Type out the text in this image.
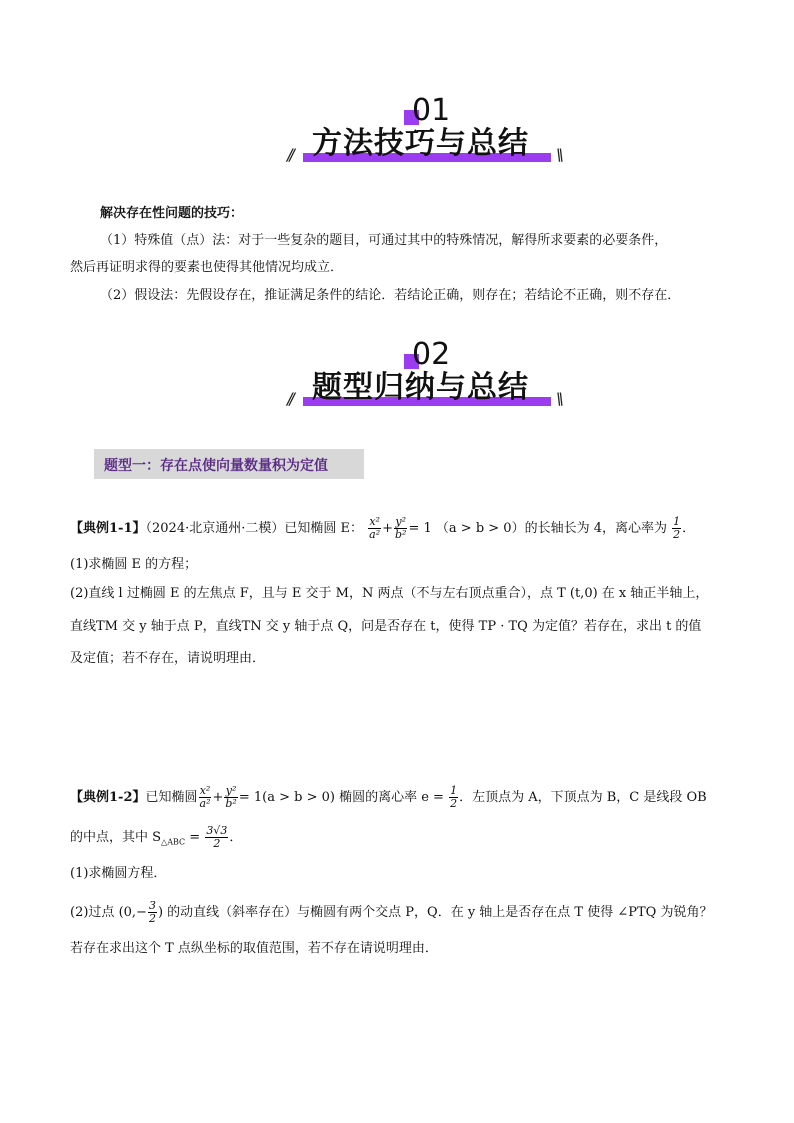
01
方法技巧与总结
//	\\
解决存在性问题的技巧：
（1）特殊值（点）法：对于一些复杂的题目，可通过其中的特殊情况，解得所求要素的必要条件，
然后再证明求得的要素也使得其他情况均成立．
（2）假设法：先假设存在，推证满足条件的结论．若结论正确，则存在；若结论不正确，则不存在．
02
题型归纳与总结
//	\\
题型一：存在点使向量数量积为定值
【典例1-1】（2024·北京通州·二模）已知椭圆 E： $\frac{\text{x²}}{\text{a²}} + \frac{\text{y²}}{\text{b²}} = 1$ （a > b > 0）的长轴长为 4，离心率为 $\frac{1}{2}$ ．
(1)求椭圆 E 的方程；
(2)直线 l 过椭圆 E 的左焦点 F，且与 E 交于 M，N 两点（不与左右顶点重合），点 T (t,0) 在 x 轴正半轴上，
直线TM 交 y 轴于点 P，直线TN 交 y 轴于点 Q，问是否存在 t，使得 TP · TQ 为定值？若存在，求出 t 的值
及定值；若不存在，请说明理由．
【典例1-2】已知椭圆 $\frac{\text{x²}}{\text{a²}} + \frac{\text{y²}}{\text{b²}} = 1(a > b > 0)$ 椭圆的离心率 $e = \frac{1}{2}$ ．左顶点为 A，下顶点为 B，C 是线段 OB
的中点，其中 $S_{\triangle ABC} = \frac{3√3}{2}$ ．
(1)求椭圆方程．
(2)过点 ($0,- \frac{3}{2}$ ) 的动直线（斜率存在）与椭圆有两个交点 P，Q．在 y 轴上是否存在点 T 使得 ∠PTQ 为锐角？
若存在求出这个 T 点纵坐标的取值范围，若不存在请说明理由．
